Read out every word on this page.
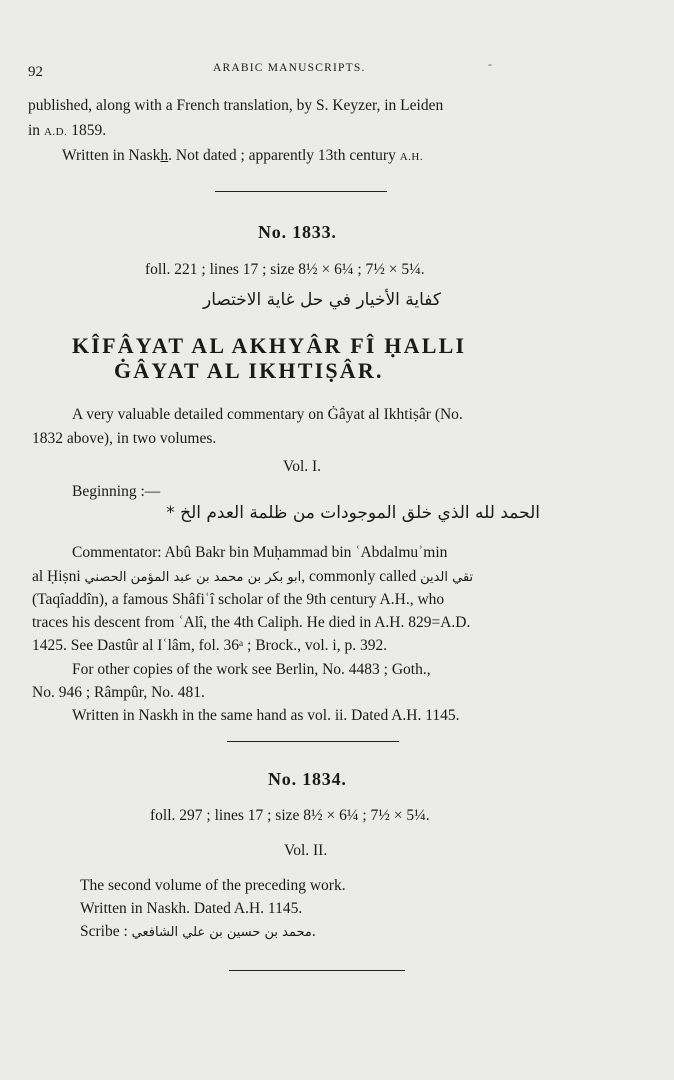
92	ARABIC MANUSCRIPTS.	-
published, along with a French translation, by S. Keyzer, in Leiden
in A.D. 1859.
Written in Naskh. Not dated ; apparently 13th century A.H.
No. 1833.
foll. 221 ; lines 17 ; size 8½ × 6¼ ; 7½ × 5¼.
كفاية الأخيار في حل غاية الاختصار
KÎFÂYAT AL AKHYÂR FÎ ḤALLI
ĠÂYAT AL IKHTIṢÂR.
A very valuable detailed commentary on Ġâyat al Ikhtiṣâr (No.
1832 above), in two volumes.
Vol. I.
Beginning :—
الحمد لله الذي خلق الموجودات من ظلمة العدم الخ *
Commentator: Abû Bakr bin Muḥammad bin ʿAbdalmuʾmin
al Ḥiṣni ابو بكر بن محمد بن عبد المؤمن الحصني, commonly called تقي الدين
(Taqîaddîn), a famous Shâfiʿî scholar of the 9th century A.H., who
traces his descent from ʿAlî, the 4th Caliph. He died in A.H. 829=A.D.
1425. See Dastûr al Iʿlâm, fol. 36ᵃ ; Brock., vol. i, p. 392.
For other copies of the work see Berlin, No. 4483 ; Goth.,
No. 946 ; Râmpûr, No. 481.
Written in Naskh in the same hand as vol. ii. Dated A.H. 1145.
No. 1834.
foll. 297 ; lines 17 ; size 8½ × 6¼ ; 7½ × 5¼.
Vol. II.
The second volume of the preceding work.
Written in Naskh. Dated A.H. 1145.
Scribe : محمد بن حسين بن علي الشافعي.
